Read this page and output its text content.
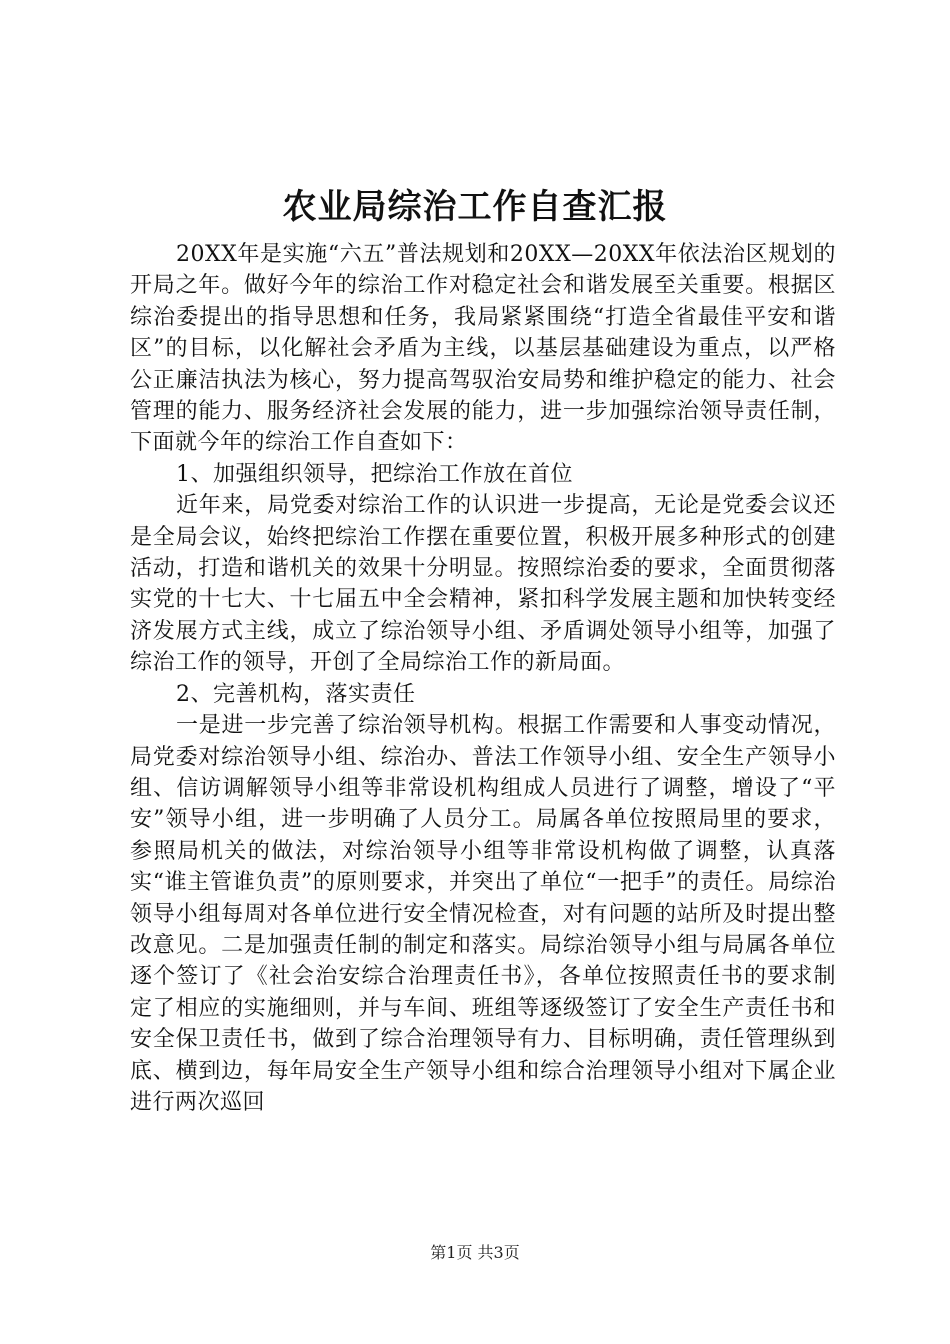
农业局综治工作自查汇报

20XX年是实施“六五”普法规划和20XX—20XX年依法治区规划的开局之年。做好今年的综治工作对稳定社会和谐发展至关重要。根据区综治委提出的指导思想和任务，我局紧紧围绕“打造全省最佳平安和谐区”的目标，以化解社会矛盾为主线，以基层基础建设为重点，以严格公正廉洁执法为核心，努力提高驾驭治安局势和维护稳定的能力、社会管理的能力、服务经济社会发展的能力，进一步加强综治领导责任制，下面就今年的综治工作自查如下：

1、加强组织领导，把综治工作放在首位

近年来，局党委对综治工作的认识进一步提高，无论是党委会议还是全局会议，始终把综治工作摆在重要位置，积极开展多种形式的创建活动，打造和谐机关的效果十分明显。按照综治委的要求，全面贯彻落实党的十七大、十七届五中全会精神，紧扣科学发展主题和加快转变经济发展方式主线，成立了综治领导小组、矛盾调处领导小组等，加强了综治工作的领导，开创了全局综治工作的新局面。

2、完善机构，落实责任

一是进一步完善了综治领导机构。根据工作需要和人事变动情况，局党委对综治领导小组、综治办、普法工作领导小组、安全生产领导小组、信访调解领导小组等非常设机构组成人员进行了调整，增设了“平安”领导小组，进一步明确了人员分工。局属各单位按照局里的要求，参照局机关的做法，对综治领导小组等非常设机构做了调整，认真落实“谁主管谁负责”的原则要求，并突出了单位“一把手”的责任。局综治领导小组每周对各单位进行安全情况检查，对有问题的站所及时提出整改意见。二是加强责任制的制定和落实。局综治领导小组与局属各单位逐个签订了《社会治安综合治理责任书》，各单位按照责任书的要求制定了相应的实施细则，并与车间、班组等逐级签订了安全生产责任书和安全保卫责任书，做到了综合治理领导有力、目标明确，责任管理纵到底、横到边，每年局安全生产领导小组和综合治理领导小组对下属企业进行两次巡回

第1页 共3页
